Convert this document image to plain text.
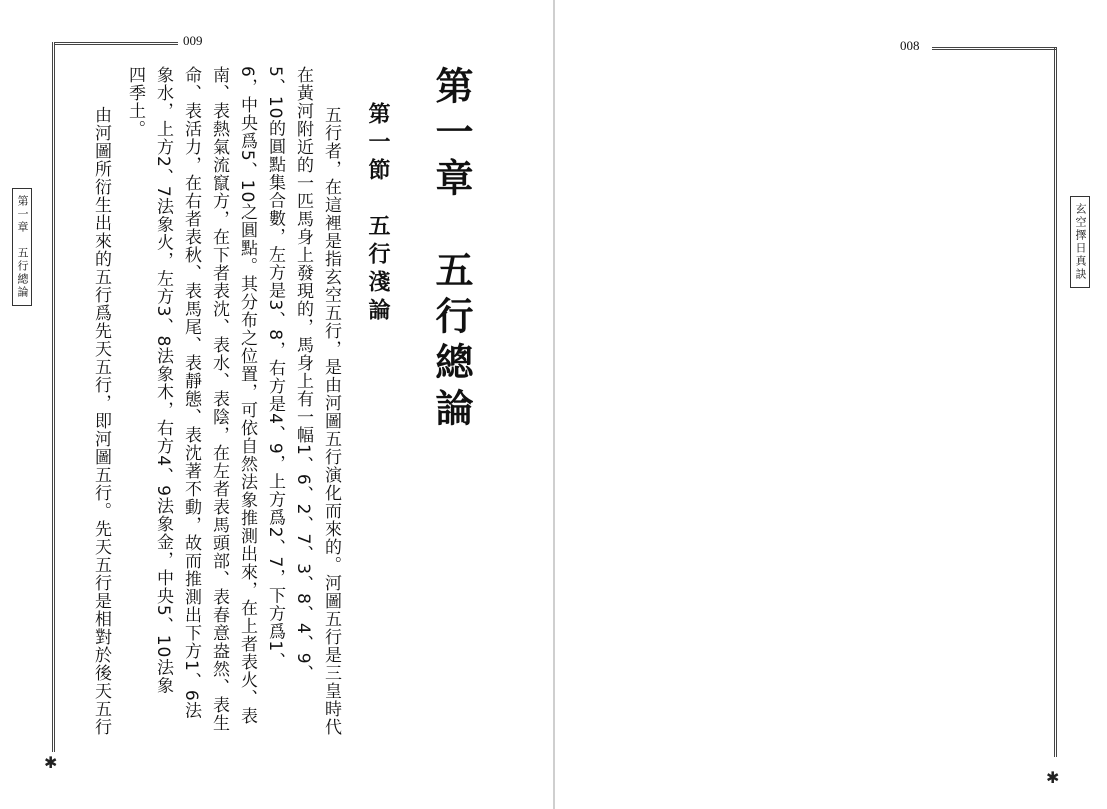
009
✱
第一章　五行總論	第一章　五行總論
第一節　五行淺論
五行者，在這裡是指玄空五行，是由河圖五行演化而來的。河圖五行是三皇時代
在黃河附近的一匹馬身上發現的，馬身上有一幅1、6、2、7、3、8、4、9、
5、10的圓點集合數，左方是3、8，右方是4、9，上方爲2、7，下方爲1、
6，中央爲5、10之圓點。其分布之位置，可依自然法象推測出來，在上者表火、表
南、表熱氣流竄方，在下者表沈、表水、表陰，在左者表馬頭部、表春意盎然、表生
命、表活力，在右者表秋、表馬尾、表靜態、表沈著不動，故而推測出下方1、6法
象水，上方2、7法象火，左方3、8法象木，右方4、9法象金，中央5、10法象
四季土。
由河圖所衍生出來的五行爲先天五行，即河圖五行。先天五行是相對於後天五行
008
✱
玄空擇日真訣
